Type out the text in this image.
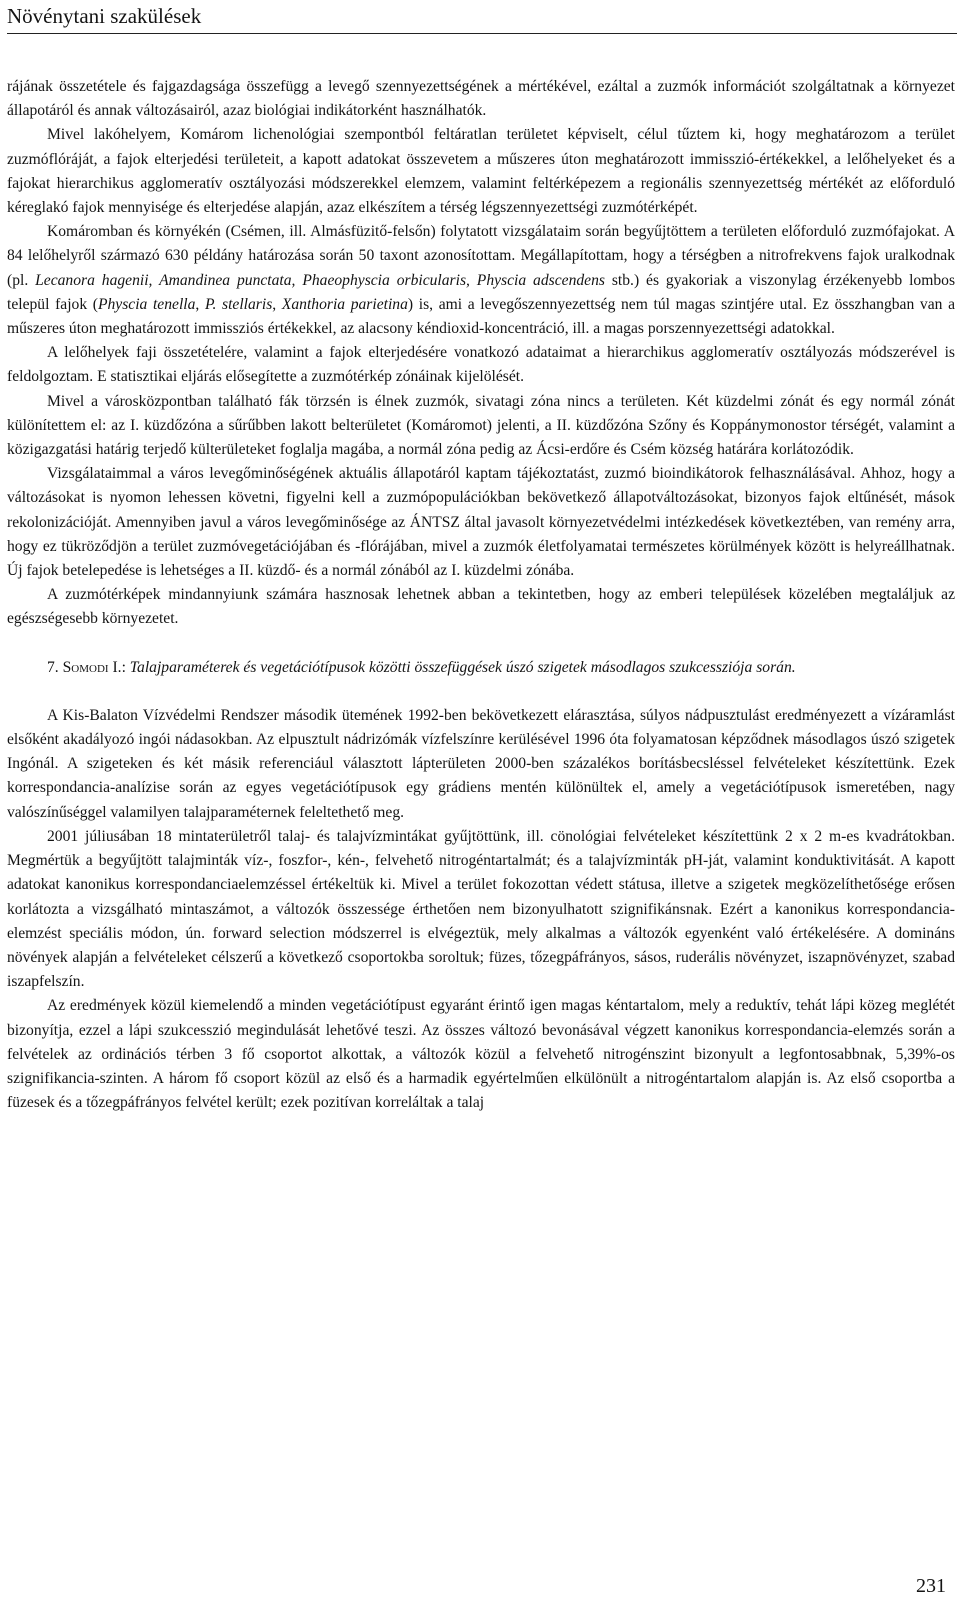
Növénytani szakülések

rájának összetétele és fajgazdagsága összefügg a levegő szennyezettségének a mértékével, ezáltal a zuzmók információt szolgáltatnak a környezet állapotáról és annak változásairól, azaz biológiai indikátorként használhatók.

Mivel lakóhelyem, Komárom lichenológiai szempontból feltáratlan területet képviselt, célul tűztem ki, hogy meghatározom a terület zuzmóflóráját, a fajok elterjedési területeit, a kapott adatokat összevetem a műszeres úton meghatározott immisszió-értékekkel, a lelőhelyeket és a fajokat hierarchikus agglomeratív osztályozási módszerekkel elemzem, valamint feltérképezem a regionális szennyezettség mértékét az előforduló kéreglakó fajok mennyisége és elterjedése alapján, azaz elkészítem a térség légszennyezettségi zuzmótérképét.

Komáromban és környékén (Csémen, ill. Almásfüzitő-felsőn) folytatott vizsgálataim során begyűjtöttem a területen előforduló zuzmófajokat. A 84 lelőhelyről származó 630 példány határozása során 50 taxont azonosítottam. Megállapítottam, hogy a térségben a nitrofrekvens fajok uralkodnak (pl. Lecanora hagenii, Amandinea punctata, Phaeophyscia orbicularis, Physcia adscendens stb.) és gyakoriak a viszonylag érzékenyebb lombos települ fajok (Physcia tenella, P. stellaris, Xanthoria parietina) is, ami a levegőszennyezettség nem túl magas szintjére utal. Ez összhangban van a műszeres úton meghatározott immissziós értékekkel, az alacsony kéndioxid-koncentráció, ill. a magas porszennyezettségi adatokkal.

A lelőhelyek faji összetételére, valamint a fajok elterjedésére vonatkozó adataimat a hierarchikus agglomeratív osztályozás módszerével is feldolgoztam. E statisztikai eljárás elősegítette a zuzmótérkép zónáinak kijelölését.

Mivel a városközpontban található fák törzsén is élnek zuzmók, sivatagi zóna nincs a területen. Két küzdelmi zónát és egy normál zónát különítettem el: az I. küzdőzóna a sűrűbben lakott belterületet (Komáromot) jelenti, a II. küzdőzóna Szőny és Koppánymonostor térségét, valamint a közigazgatási határig terjedő külterületeket foglalja magába, a normál zóna pedig az Ácsi-erdőre és Csém község határára korlátozódik.

Vizsgálataimmal a város levegőminőségének aktuális állapotáról kaptam tájékoztatást, zuzmó bioindikátorok felhasználásával. Ahhoz, hogy a változásokat is nyomon lehessen követni, figyelni kell a zuzmópopulációkban bekövetkező állapotváltozásokat, bizonyos fajok eltűnését, mások rekolonizációját. Amennyiben javul a város levegőminősége az ÁNTSZ által javasolt környezetvédelmi intézkedések következtében, van remény arra, hogy ez tükröződjön a terület zuzmóvegetációjában és -flórájában, mivel a zuzmók életfolyamatai természetes körülmények között is helyreállhatnak. Új fajok betelepedése is lehetséges a II. küzdő- és a normál zónából az I. küzdelmi zónába.

A zuzmótérképek mindannyiunk számára hasznosak lehetnek abban a tekintetben, hogy az emberi települések közelében megtaláljuk az egészségesebb környezetet.

7. Somodi I.: Talajparaméterek és vegetációtípusok közötti összefüggések úszó szigetek másodlagos szukcessziója során.

A Kis-Balaton Vízvédelmi Rendszer második ütemének 1992-ben bekövetkezett elárasztása, súlyos nádpusztulást eredményezett a vízáramlást elsőként akadályozó ingói nádasokban. Az elpusztult nádrizómák vízfelszínre kerülésével 1996 óta folyamatosan képződnek másodlagos úszó szigetek Ingónál. A szigeteken és két másik referenciául választott lápterületen 2000-ben százalékos borításbecsléssel felvételeket készítettünk. Ezek korrespondancia-analízise során az egyes vegetációtípusok egy grádiens mentén különültek el, amely a vegetációtípusok ismeretében, nagy valószínűséggel valamilyen talajparaméternek feleltethető meg.

2001 júliusában 18 mintaterületről talaj- és talajvízmintákat gyűjtöttünk, ill. cönológiai felvételeket készítettünk 2 x 2 m-es kvadrátokban. Megmértük a begyűjtött talajminták víz-, foszfor-, kén-, felvehető nitrogéntartalmát; és a talajvízminták pH-ját, valamint konduktivitását. A kapott adatokat kanonikus korrespondanciaelemzéssel értékeltük ki. Mivel a terület fokozottan védett státusa, illetve a szigetek megközelíthetősége erősen korlátozta a vizsgálható mintaszámot, a változók összessége érthetően nem bizonyulhatott szignifikánsnak. Ezért a kanonikus korrespondancia-elemzést speciális módon, ún. forward selection módszerrel is elvégeztük, mely alkalmas a változók egyenként való értékelésére. A domináns növények alapján a felvételeket célszerű a következő csoportokba soroltuk; füzes, tőzegpáfrányos, sásos, ruderális növényzet, iszapnövényzet, szabad iszapfelszín.

Az eredmények közül kiemelendő a minden vegetációtípust egyaránt érintő igen magas kéntartalom, mely a reduktív, tehát lápi közeg meglétét bizonyítja, ezzel a lápi szukcesszió megindulását lehetővé teszi. Az összes változó bevonásával végzett kanonikus korrespondancia-elemzés során a felvételek az ordinációs térben 3 fő csoportot alkottak, a változók közül a felvehető nitrogénszint bizonyult a legfontosabbnak, 5,39%-os szignifikancia-szinten. A három fő csoport közül az első és a harmadik egyértelműen elkülönült a nitrogéntartalom alapján is. Az első csoportba a füzesek és a tőzegpáfrányos felvétel került; ezek pozitívan korreláltak a talaj

231
